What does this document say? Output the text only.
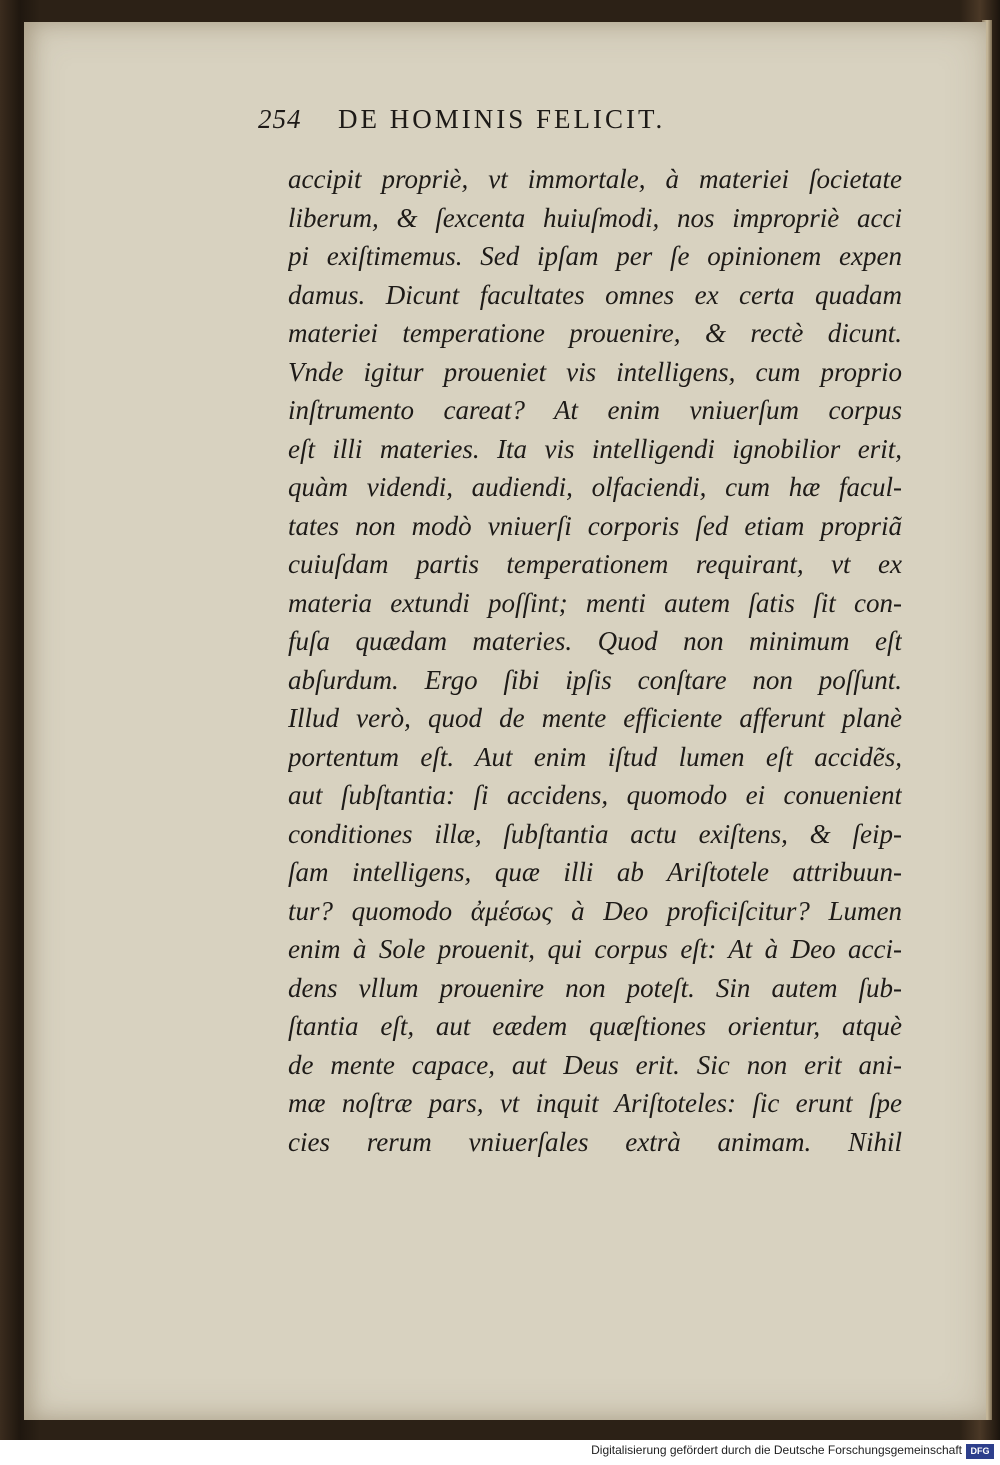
254	DE HOMINIS FELICIT.
accipit propriè, vt immortale, à materiei ſocietate
liberum, & ſexcenta huiuſmodi, nos impropriè acci
pi exiſtimemus. Sed ipſam per ſe opinionem expen
damus. Dicunt facultates omnes ex certa quadam
materiei temperatione prouenire, & rectè dicunt.
Vnde igitur proueniet vis intelligens, cum proprio
inſtrumento careat? At enim vniuerſum corpus
eſt illi materies. Ita vis intelligendi ignobilior erit,
quàm videndi, audiendi, olfaciendi, cum hæ facul-
tates non modò vniuerſi corporis ſed etiam propriã
cuiuſdam partis temperationem requirant, vt ex
materia extundi poſſint; menti autem ſatis ſit con-
fuſa quædam materies. Quod non minimum eſt
abſurdum. Ergo ſibi ipſis conſtare non poſſunt.
Illud verò, quod de mente efficiente afferunt planè
portentum eſt. Aut enim iſtud lumen eſt accidẽs,
aut ſubſtantia: ſi accidens, quomodo ei conuenient
conditiones illæ, ſubſtantia actu exiſtens, & ſeip-
ſam intelligens, quæ illi ab Ariſtotele attribuun-
tur? quomodo ἀμέσως à Deo proficiſcitur? Lumen
enim à Sole prouenit, qui corpus eſt: At à Deo acci-
dens vllum prouenire non poteſt. Sin autem ſub-
ſtantia eſt, aut eædem quæſtiones orientur, atquè
de mente capace, aut Deus erit. Sic non erit ani-
mæ noſtræ pars, vt inquit Ariſtoteles: ſic erunt ſpe
cies rerum vniuerſales extrà animam. Nihil
Digitalisierung gefördert durch die Deutsche Forschungsgemeinschaft DFG
